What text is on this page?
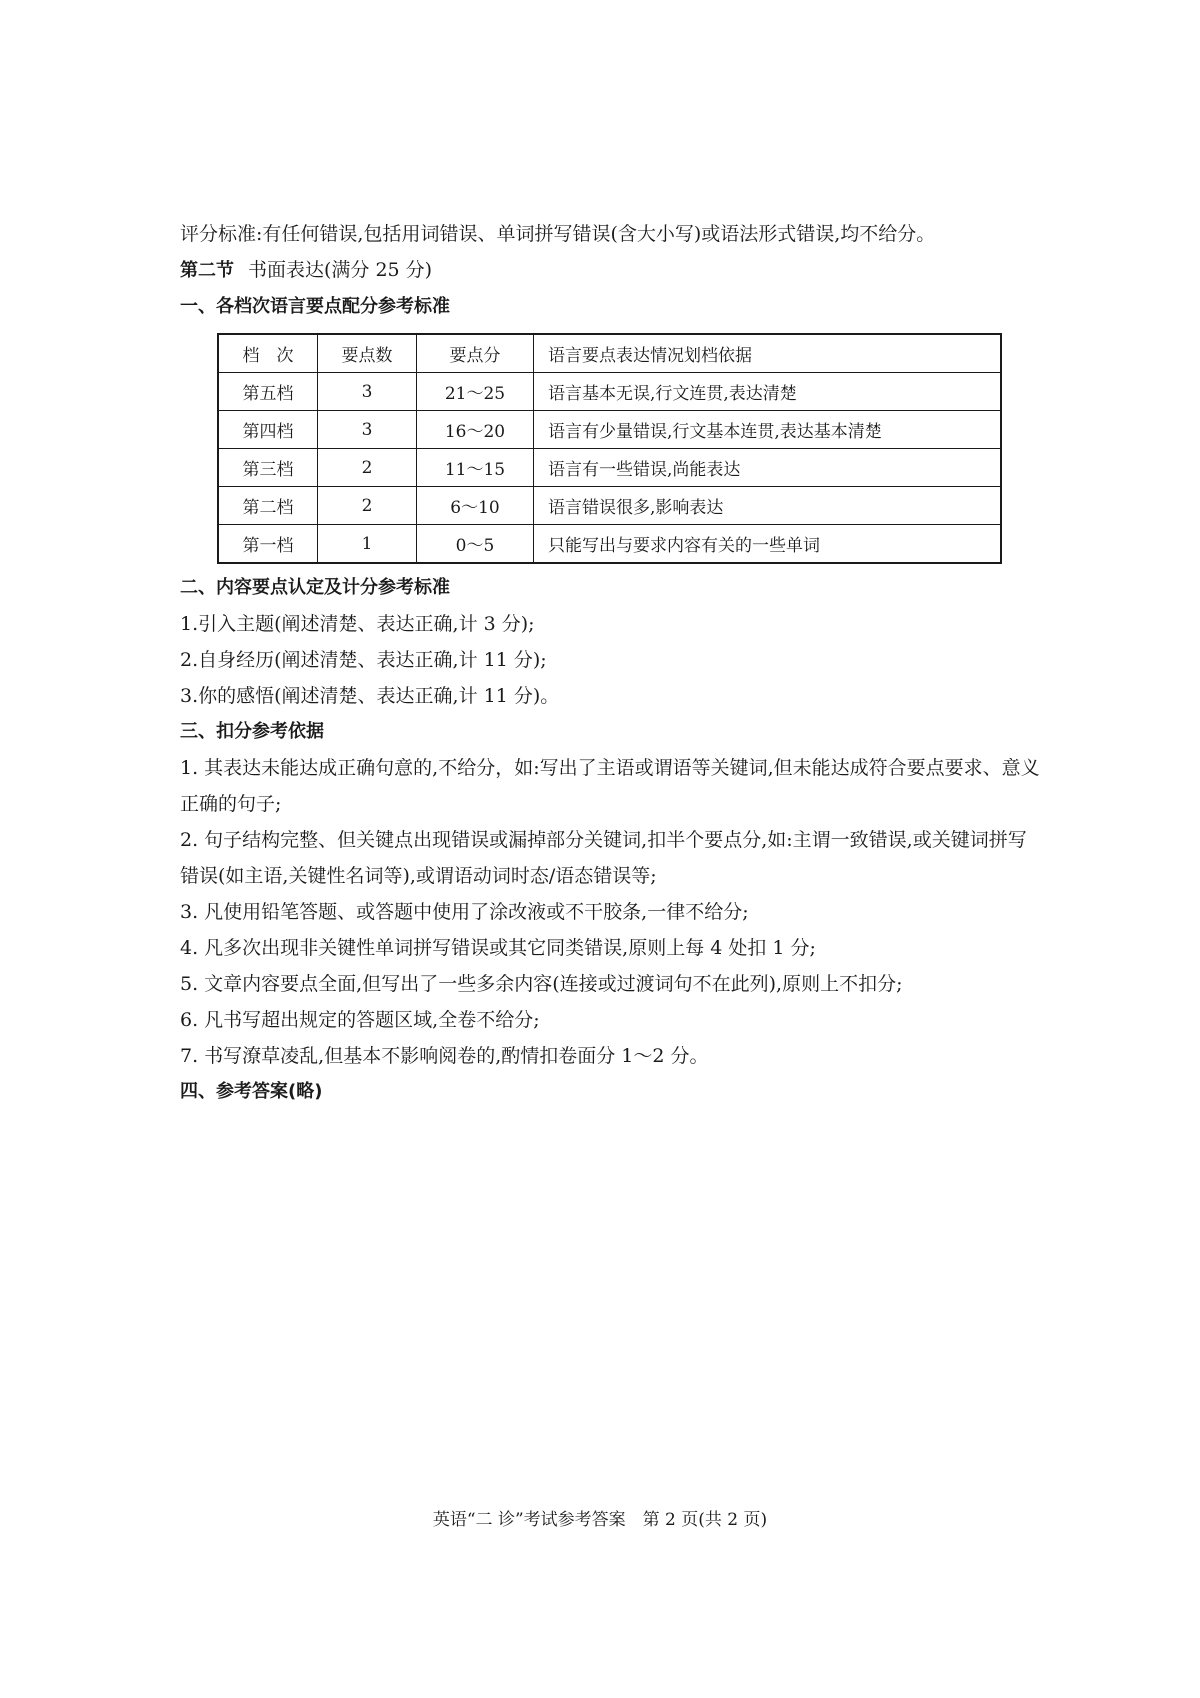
评分标准:有任何错误,包括用词错误、单词拼写错误(含大小写)或语法形式错误,均不给分。
第二节 书面表达(满分 25 分)
一、各档次语言要点配分参考标准
档　次	要点数	要点分	语言要点表达情况划档依据
第五档	3	21～25	语言基本无误,行文连贯,表达清楚
第四档	3	16～20	语言有少量错误,行文基本连贯,表达基本清楚
第三档	2	11～15	语言有一些错误,尚能表达
第二档	2	6～10	语言错误很多,影响表达
第一档	1	0～5	只能写出与要求内容有关的一些单词
二、内容要点认定及计分参考标准
1.引入主题(阐述清楚、表达正确,计 3 分);
2.自身经历(阐述清楚、表达正确,计 11 分);
3.你的感悟(阐述清楚、表达正确,计 11 分)。
三、扣分参考依据
1. 其表达未能达成正确句意的,不给分，如:写出了主语或谓语等关键词,但未能达成符合要点要求、意义正确的句子;
2. 句子结构完整、但关键点出现错误或漏掉部分关键词,扣半个要点分,如:主谓一致错误,或关键词拼写错误(如主语,关键性名词等),或谓语动词时态/语态错误等;
3. 凡使用铅笔答题、或答题中使用了涂改液或不干胶条,一律不给分;
4. 凡多次出现非关键性单词拼写错误或其它同类错误,原则上每 4 处扣 1 分;
5. 文章内容要点全面,但写出了一些多余内容(连接或过渡词句不在此列),原则上不扣分;
6. 凡书写超出规定的答题区域,全卷不给分;
7. 书写潦草凌乱,但基本不影响阅卷的,酌情扣卷面分 1～2 分。
四、参考答案(略)
英语“二 诊”考试参考答案　第 2 页(共 2 页)
